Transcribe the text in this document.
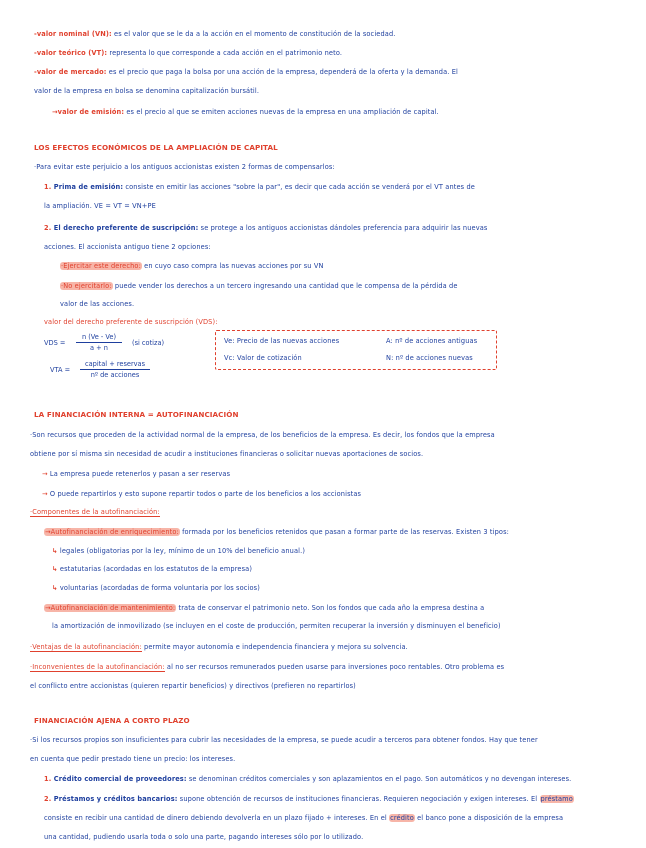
-valor nominal (VN): es el valor que se le da a la acción en el momento de constitución de la sociedad.
-valor teórico (VT): representa lo que corresponde a cada acción en el patrimonio neto.
-valor de mercado: es el precio que paga la bolsa por una acción de la empresa, dependerá de la oferta y la demanda. El
valor de la empresa en bolsa se denomina capitalización bursátil.
→valor de emisión: es el precio al que se emiten acciones nuevas de la empresa en una ampliación de capital.
LOS EFECTOS ECONÓMICOS DE LA AMPLIACIÓN DE CAPITAL
·Para evitar este perjuicio a los antiguos accionistas existen 2 formas de compensarlos:
1. Prima de emisión: consiste en emitir las acciones "sobre la par", es decir que cada acción se venderá por el VT antes de
la ampliación. VE = VT = VN+PE
2. El derecho preferente de suscripción: se protege a los antiguos accionistas dándoles preferencia para adquirir las nuevas
acciones. El accionista antiguo tiene 2 opciones:
·Ejercitar este derecho: en cuyo caso compra las nuevas acciones por su VN
·No ejercitarlo: puede vender los derechos a un tercero ingresando una cantidad que le compensa de la pérdida de
valor de las acciones.
valor del derecho preferente de suscripción (VDS):
LA FINANCIACIÓN INTERNA = AUTOFINANCIACIÓN
·Son recursos que proceden de la actividad normal de la empresa, de los beneficios de la empresa. Es decir, los fondos que la empresa
obtiene por sí misma sin necesidad de acudir a instituciones financieras o solicitar nuevas aportaciones de socios.
→ La empresa puede retenerlos y pasan a ser reservas
→ O puede repartirlos y esto supone repartir todos o parte de los beneficios a los accionistas
·Componentes de la autofinanciación:
→Autofinanciación de enriquecimiento: formada por los beneficios retenidos que pasan a formar parte de las reservas. Existen 3 tipos:
↳ legales (obligatorias por la ley, mínimo de un 10% del beneficio anual.)
↳ estatutarias (acordadas en los estatutos de la empresa)
↳ voluntarias (acordadas de forma voluntaria por los socios)
→Autofinanciación de mantenimiento: trata de conservar el patrimonio neto. Son los fondos que cada año la empresa destina a
la amortización de inmovilizado (se incluyen en el coste de producción, permiten recuperar la inversión y disminuyen el beneficio)
·Ventajas de la autofinanciación: permite mayor autonomía e independencia financiera y mejora su solvencia.
·Inconvenientes de la autofinanciación: al no ser recursos remunerados pueden usarse para inversiones poco rentables. Otro problema es
el conflicto entre accionistas (quieren repartir beneficios) y directivos (prefieren no repartirlos)
FINANCIACIÓN AJENA A CORTO PLAZO
·Si los recursos propios son insuficientes para cubrir las necesidades de la empresa, se puede acudir a terceros para obtener fondos. Hay que tener
en cuenta que pedir prestado tiene un precio: los intereses.
1. Crédito comercial de proveedores: se denominan créditos comerciales y son aplazamientos en el pago. Son automáticos y no devengan intereses.
2. Préstamos y créditos bancarios: supone obtención de recursos de instituciones financieras. Requieren negociación y exigen intereses. El préstamo
consiste en recibir una cantidad de dinero debiendo devolverla en un plazo fijado + intereses. En el crédito el banco pone a disposición de la empresa
una cantidad, pudiendo usarla toda o solo una parte, pagando intereses sólo por lo utilizado.
VDS =
n (Ve - Ve)
a + n
(si cotiza)
VTA =
capital + reservas
nº de acciones
Ve: Precio de las nuevas acciones	A: nº de acciones antiguas
Vc: Valor de cotización	N: nº de acciones nuevas
